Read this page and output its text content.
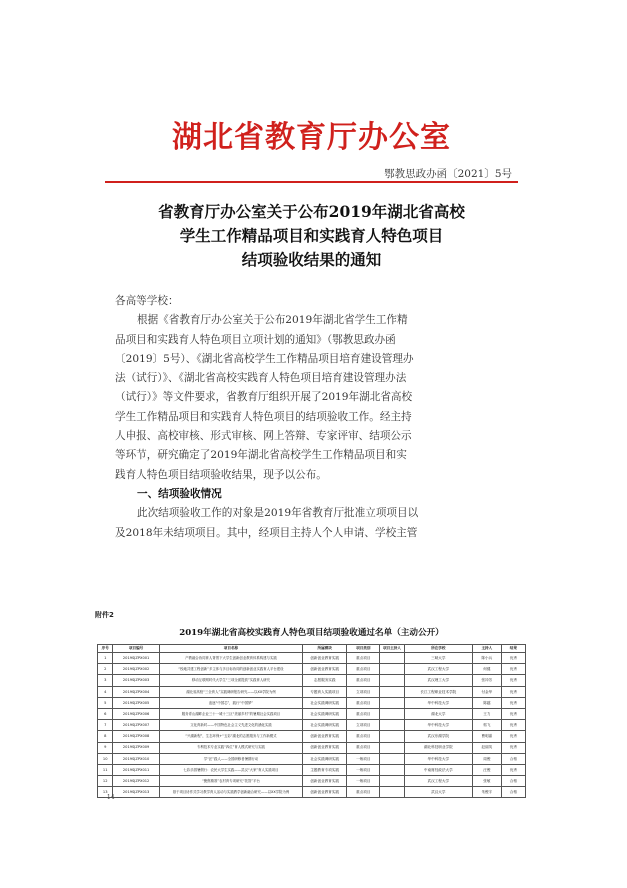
湖北省教育厅办公室
鄂教思政办函〔2021〕5号
省教育厅办公室关于公布2019年湖北省高校
学生工作精品项目和实践育人特色项目
结项验收结果的通知

各高等学校：

根据《省教育厅办公室关于公布2019年湖北省学生工作精

品项目和实践育人特色项目立项计划的通知》（鄂教思政办函

〔2019〕5号）、《湖北省高校学生工作精品项目培育建设管理办

法（试行）》、《湖北省高校实践育人特色项目培育建设管理办法

（试行）》等文件要求，省教育厅组织开展了2019年湖北省高校

学生工作精品项目和实践育人特色项目的结项验收工作。经主持

人申报、高校审核、形式审核、网上答辩、专家评审、结项公示

等环节，研究确定了2019年湖北省高校学生工作精品项目和实

践育人特色项目结项验收结果，现予以公布。

一、结项验收情况

此次结项验收工作的对象是2019年省教育厅批准立项项目以

及2018年未结项项目。其中，经项目主持人个人申请、学校主管

附件2
2019年湖北省高校实践育人特色项目结项验收通过名单（主动公开）
序号	项目编号	项目名称	所属模块	项目类别	项目主持人	所在学校	主持人	结果
1	2019SJZPX001	产教融合协同育人背景下大学生创新创业教育体系构建与实践	创新创业教育实践	重点项目		三峡大学	陈小兵	优秀
2	2019SJZPX002	“校地共建工程创新”多主体与多目标协同的创新创业实践育人平台建设	创新创业教育实践	重点项目		武汉工程大学	何健	优秀
3	2019SJZPX003	移动互联网时代大学生“三项全面提质”实践育人研究	志愿服务实践	重点项目		武汉理工大学	张冲芳	优秀
4	2019SJZPX004	湖北省高校“三全育人”实践调研报告研究——以XX学院为例	专题育人实践项目	立项项目		长江工程职业技术学院	付金华	优秀
5	2019SJZPX005	追逐“中国芯”，践行“中国梦”	社会实践调研实践	重点项目		华中科技大学	陈越	优秀
6	2019SJZPX006	服务青山湖畔企业三十一城十三区“美丽乡村”的暑期社会实践项目	社会实践调研实践	重点项目		湖北大学	王力	优秀
7	2019SJZPX007	文化育新时——中国特色社会主义先进文化的涵化实践	社会实践调研实践	立项项目		华中科技大学	郭飞	优秀
8	2019SJZPX008	“兴湖新程”，生态环保+“五彩”湖北的志愿服务与工作新模式	创新创业教育实践	重点项目		武汉东湖学院	曹明嘉	优秀
9	2019SJZPX009	专利技术专业实践“四位”育人模式研究与实践	创新创业教育实践	重点项目		湖北科技职业学院	赵丽英	优秀
10	2019SJZPX010	学“匠”践人——全国研修者暑期行动	社会实践调研实践	一般项目		华中科技大学	周俊	合格
11	2019SJZPX011	七彩乐园暑假行：农民大学生实践——武汉“大家”育人实践项目	主题教育专项实践	一般项目		中南财经政法大学	汪俊	优秀
12	2019SJZPX012	“聚焦精准”农村育专项研究“扶智”平台	创新创业教育实践	一般项目		武汉工程大学	张敏	合格
13	2019SJZPX013	基于项目协作式学习教学育人活动与实践教学创新融合研究——以XX学院为例	创新创业教育实践	重点项目		武汉大学	朱俊宇	合格
— 14 —
